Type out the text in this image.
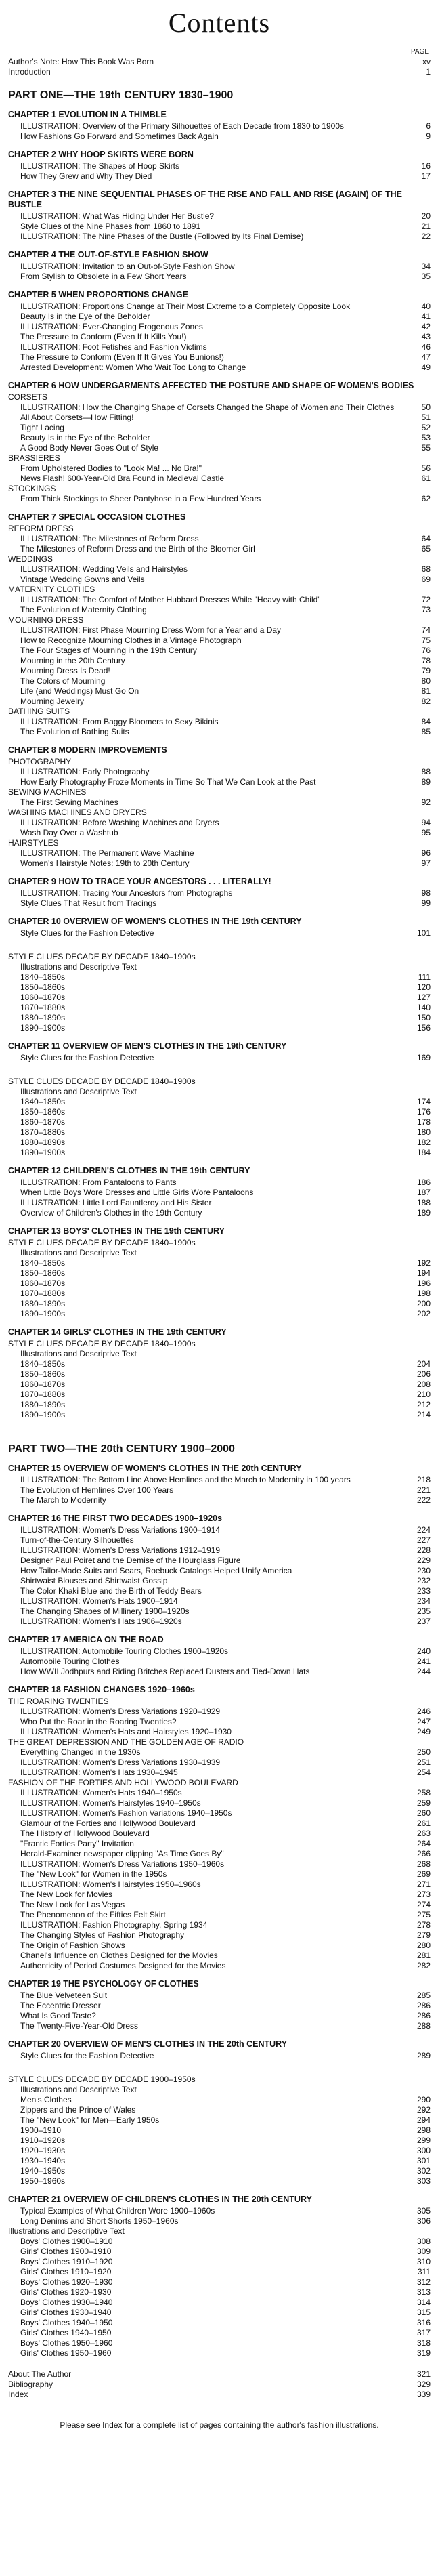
Contents
PAGE
Author's Note: How This Book Was Born	xv
Introduction	1
PART ONE—THE 19th CENTURY 1830–1900
CHAPTER 1 EVOLUTION IN A THIMBLE
ILLUSTRATION: Overview of the Primary Silhouettes of Each Decade from 1830 to 1900s	6
How Fashions Go Forward and Sometimes Back Again	9
CHAPTER 2 WHY HOOP SKIRTS WERE BORN
ILLUSTRATION: The Shapes of Hoop Skirts	16
How They Grew and Why They Died	17
CHAPTER 3 THE NINE SEQUENTIAL PHASES OF THE RISE AND FALL AND RISE (AGAIN) OF THE BUSTLE
ILLUSTRATION: What Was Hiding Under Her Bustle?	20
Style Clues of the Nine Phases from 1860 to 1891	21
ILLUSTRATION: The Nine Phases of the Bustle (Followed by Its Final Demise)	22
CHAPTER 4 THE OUT-OF-STYLE FASHION SHOW
ILLUSTRATION: Invitation to an Out-of-Style Fashion Show	34
From Stylish to Obsolete in a Few Short Years	35
CHAPTER 5 WHEN PROPORTIONS CHANGE
ILLUSTRATION: Proportions Change at Their Most Extreme to a Completely Opposite Look	40
Beauty Is in the Eye of the Beholder	41
ILLUSTRATION: Ever-Changing Erogenous Zones	42
The Pressure to Conform (Even If It Kills You!)	43
ILLUSTRATION: Foot Fetishes and Fashion Victims	46
The Pressure to Conform (Even If It Gives You Bunions!)	47
Arrested Development: Women Who Wait Too Long to Change	49
CHAPTER 6 HOW UNDERGARMENTS AFFECTED THE POSTURE AND SHAPE OF WOMEN'S BODIES
CORSETS
ILLUSTRATION: How the Changing Shape of Corsets Changed the Shape of Women and Their Clothes	50
All About Corsets—How Fitting!	51
Tight Lacing	52
Beauty Is in the Eye of the Beholder	53
A Good Body Never Goes Out of Style	55
BRASSIERES
From Upholstered Bodies to "Look Ma! ... No Bra!"	56
News Flash! 600-Year-Old Bra Found in Medieval Castle	61
STOCKINGS
From Thick Stockings to Sheer Pantyhose in a Few Hundred Years	62
CHAPTER 7 SPECIAL OCCASION CLOTHES
REFORM DRESS
ILLUSTRATION: The Milestones of Reform Dress	64
The Milestones of Reform Dress and the Birth of the Bloomer Girl	65
WEDDINGS
ILLUSTRATION: Wedding Veils and Hairstyles	68
Vintage Wedding Gowns and Veils	69
MATERNITY CLOTHES
ILLUSTRATION: The Comfort of Mother Hubbard Dresses While "Heavy with Child"	72
The Evolution of Maternity Clothing	73
MOURNING DRESS
ILLUSTRATION: First Phase Mourning Dress Worn for a Year and a Day	74
How to Recognize Mourning Clothes in a Vintage Photograph	75
The Four Stages of Mourning in the 19th Century	76
Mourning in the 20th Century	78
Mourning Dress Is Dead!	79
The Colors of Mourning	80
Life (and Weddings) Must Go On	81
Mourning Jewelry	82
BATHING SUITS
ILLUSTRATION: From Baggy Bloomers to Sexy Bikinis	84
The Evolution of Bathing Suits	85
CHAPTER 8 MODERN IMPROVEMENTS
PHOTOGRAPHY
ILLUSTRATION: Early Photography	88
How Early Photography Froze Moments in Time So That We Can Look at the Past	89
SEWING MACHINES
The First Sewing Machines	92
WASHING MACHINES AND DRYERS
ILLUSTRATION: Before Washing Machines and Dryers	94
Wash Day Over a Washtub	95
HAIRSTYLES
ILLUSTRATION: The Permanent Wave Machine	96
Women's Hairstyle Notes: 19th to 20th Century	97
CHAPTER 9 HOW TO TRACE YOUR ANCESTORS . . . LITERALLY!
ILLUSTRATION: Tracing Your Ancestors from Photographs	98
Style Clues That Result from Tracings	99
CHAPTER 10 OVERVIEW OF WOMEN'S CLOTHES IN THE 19th CENTURY
Style Clues for the Fashion Detective	101
STYLE CLUES DECADE BY DECADE 1840–1900s
Illustrations and Descriptive Text
1840–1850s	111
1850–1860s	120
1860–1870s	127
1870–1880s	140
1880–1890s	150
1890–1900s	156
CHAPTER 11 OVERVIEW OF MEN'S CLOTHES IN THE 19th CENTURY
Style Clues for the Fashion Detective	169
STYLE CLUES DECADE BY DECADE 1840–1900s
Illustrations and Descriptive Text
1840–1850s	174
1850–1860s	176
1860–1870s	178
1870–1880s	180
1880–1890s	182
1890–1900s	184
CHAPTER 12 CHILDREN'S CLOTHES IN THE 19th CENTURY
ILLUSTRATION: From Pantaloons to Pants	186
When Little Boys Wore Dresses and Little Girls Wore Pantaloons	187
ILLUSTRATION: Little Lord Fauntleroy and His Sister	188
Overview of Children's Clothes in the 19th Century	189
CHAPTER 13 BOYS' CLOTHES IN THE 19th CENTURY
STYLE CLUES DECADE BY DECADE 1840–1900s
Illustrations and Descriptive Text
1840–1850s	192
1850–1860s	194
1860–1870s	196
1870–1880s	198
1880–1890s	200
1890–1900s	202
CHAPTER 14 GIRLS' CLOTHES IN THE 19th CENTURY
STYLE CLUES DECADE BY DECADE 1840–1900s
Illustrations and Descriptive Text
1840–1850s	204
1850–1860s	206
1860–1870s	208
1870–1880s	210
1880–1890s	212
1890–1900s	214
PART TWO—THE 20th CENTURY 1900–2000
CHAPTER 15 OVERVIEW OF WOMEN'S CLOTHES IN THE 20th CENTURY
ILLUSTRATION: The Bottom Line Above Hemlines and the March to Modernity in 100 years	218
The Evolution of Hemlines Over 100 Years	221
The March to Modernity	222
CHAPTER 16 THE FIRST TWO DECADES 1900–1920s
ILLUSTRATION: Women's Dress Variations 1900–1914	224
Turn-of-the-Century Silhouettes	227
ILLUSTRATION: Women's Dress Variations 1912–1919	228
Designer Paul Poiret and the Demise of the Hourglass Figure	229
How Tailor-Made Suits and Sears, Roebuck Catalogs Helped Unify America	230
Shirtwaist Blouses and Shirtwaist Gossip	232
The Color Khaki Blue and the Birth of Teddy Bears	233
ILLUSTRATION: Women's Hats 1900–1914	234
The Changing Shapes of Millinery 1900–1920s	235
ILLUSTRATION: Women's Hats 1906–1920s	237
CHAPTER 17 AMERICA ON THE ROAD
ILLUSTRATION: Automobile Touring Clothes 1900–1920s	240
Automobile Touring Clothes	241
How WWII Jodhpurs and Riding Britches Replaced Dusters and Tied-Down Hats	244
CHAPTER 18 FASHION CHANGES 1920–1960s
THE ROARING TWENTIES
ILLUSTRATION: Women's Dress Variations 1920–1929	246
Who Put the Roar in the Roaring Twenties?	247
ILLUSTRATION: Women's Hats and Hairstyles 1920–1930	249
THE GREAT DEPRESSION AND THE GOLDEN AGE OF RADIO
Everything Changed in the 1930s	250
ILLUSTRATION: Women's Dress Variations 1930–1939	251
ILLUSTRATION: Women's Hats 1930–1945	254
FASHION OF THE FORTIES AND HOLLYWOOD BOULEVARD
ILLUSTRATION: Women's Hats 1940–1950s	258
ILLUSTRATION: Women's Hairstyles 1940–1950s	259
ILLUSTRATION: Women's Fashion Variations 1940–1950s	260
Glamour of the Forties and Hollywood Boulevard	261
The History of Hollywood Boulevard	263
"Frantic Forties Party" Invitation	264
Herald-Examiner newspaper clipping "As Time Goes By"	266
ILLUSTRATION: Women's Dress Variations 1950–1960s	268
The "New Look" for Women in the 1950s	269
ILLUSTRATION: Women's Hairstyles 1950–1960s	271
The New Look for Movies	273
The New Look for Las Vegas	274
The Phenomenon of the Fifties Felt Skirt	275
ILLUSTRATION: Fashion Photography, Spring 1934	278
The Changing Styles of Fashion Photography	279
The Origin of Fashion Shows	280
Chanel's Influence on Clothes Designed for the Movies	281
Authenticity of Period Costumes Designed for the Movies	282
CHAPTER 19 THE PSYCHOLOGY OF CLOTHES
The Blue Velveteen Suit	285
The Eccentric Dresser	286
What Is Good Taste?	286
The Twenty-Five-Year-Old Dress	288
CHAPTER 20 OVERVIEW OF MEN'S CLOTHES IN THE 20th CENTURY
Style Clues for the Fashion Detective	289
STYLE CLUES DECADE BY DECADE 1900–1950s
Illustrations and Descriptive Text
Men's Clothes	290
Zippers and the Prince of Wales	292
The "New Look" for Men—Early 1950s	294
1900–1910	298
1910–1920s	299
1920–1930s	300
1930–1940s	301
1940–1950s	302
1950–1960s	303
CHAPTER 21 OVERVIEW OF CHILDREN'S CLOTHES IN THE 20th CENTURY
Typical Examples of What Children Wore 1900–1960s	305
Long Denims and Short Shorts 1950–1960s	306
Illustrations and Descriptive Text
Boys' Clothes 1900–1910	308
Girls' Clothes 1900–1910	309
Boys' Clothes 1910–1920	310
Girls' Clothes 1910–1920	311
Boys' Clothes 1920–1930	312
Girls' Clothes 1920–1930	313
Boys' Clothes 1930–1940	314
Girls' Clothes 1930–1940	315
Boys' Clothes 1940–1950	316
Girls' Clothes 1940–1950	317
Boys' Clothes 1950–1960	318
Girls' Clothes 1950–1960	319
About The Author	321
Bibliography	329
Index	339
Please see Index for a complete list of pages containing the author's fashion illustrations.
